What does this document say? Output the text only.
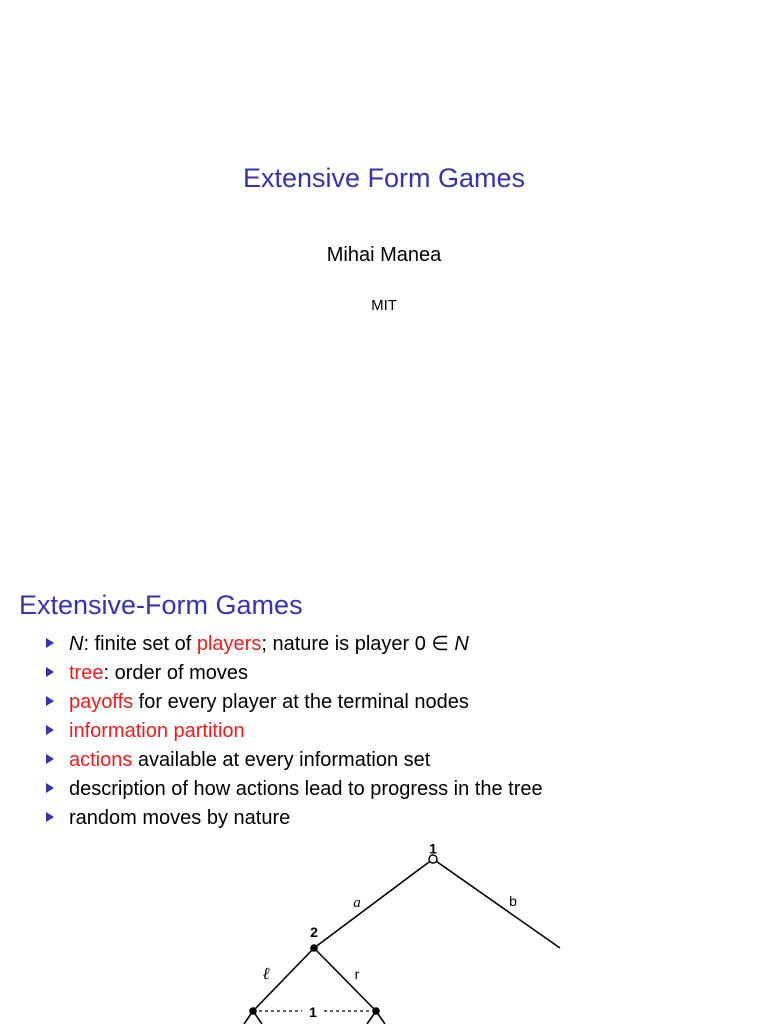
Extensive Form Games
Mihai Manea
MIT
Extensive-Form Games
N: finite set of players; nature is player 0 ∈ N
tree: order of moves
payoffs for every player at the terminal nodes
information partition
actions available at every information set
description of how actions lead to progress in the tree
random moves by nature
1
a	b
2
ℓ	r
1
